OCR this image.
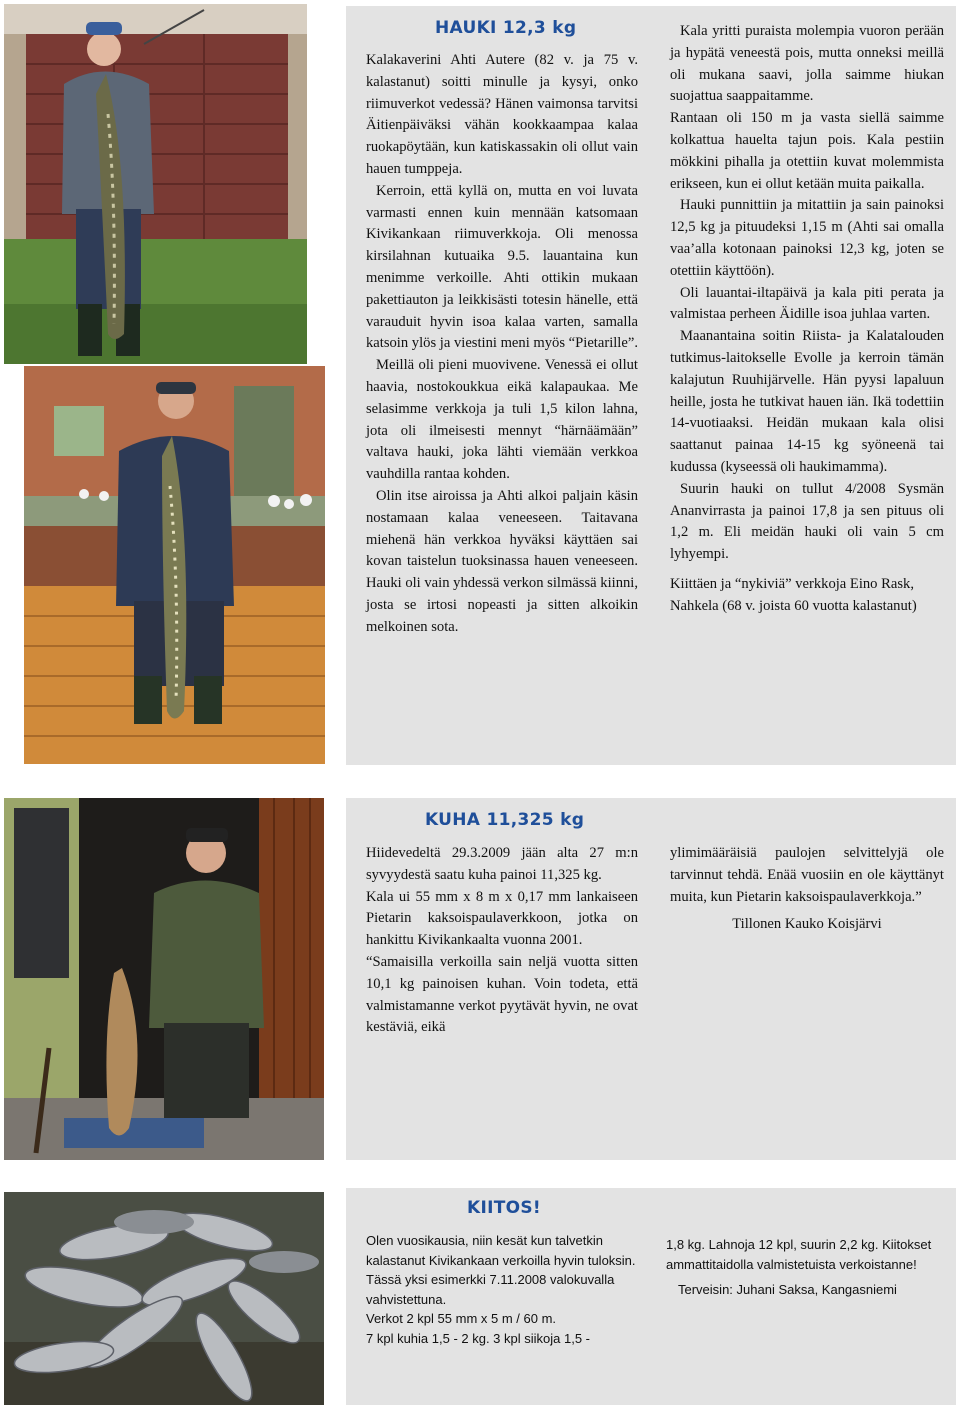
HAUKI 12,3 kg

Kalakaverini Ahti Autere (82 v. ja 75 v. kalastanut) soitti minulle ja kysyi, onko riimuverkot vedessä? Hänen vaimonsa tarvitsi Äitienpäiväksi vähän kookkaampaa kalaa ruokapöytään, kun katiskassakin oli ollut vain hauen tumppeja.

Kerroin, että kyllä on, mutta en voi luvata varmasti ennen kuin mennään katsomaan Kivikankaan riimuverkkoja. Oli menossa kirsilahnan kutuaika 9.5. lauantaina kun menimme verkoille. Ahti ottikin mukaan pakettiauton ja leikkisästi totesin hänelle, että varauduit hyvin isoa kalaa varten, samalla katsoin ylös ja viestini meni myös “Pietarille”.

Meillä oli pieni muovivene. Venessä ei ollut haavia, nostokoukkua eikä kalapaukaa. Me selasimme verkkoja ja tuli 1,5 kilon lahna, jota oli ilmeisesti mennyt “härnäämään” valtava hauki, joka lähti viemään verkkoa vauhdilla rantaa kohden.

Olin itse airoissa ja Ahti alkoi paljain käsin nostamaan kalaa veneeseen. Taitavana miehenä hän verkkoa hyväksi käyttäen sai kovan taistelun tuoksinassa hauen veneeseen. Hauki oli vain yhdessä verkon silmässä kiinni, josta se irtosi nopeasti ja sitten alkoikin melkoinen sota.

Kala yritti puraista molempia vuoron perään ja hypätä veneestä pois, mutta onneksi meillä oli mukana saavi, jolla saimme hiukan suojattua saappaitamme.

Rantaan oli 150 m ja vasta siellä saimme kolkattua hauelta tajun pois. Kala pestiin mökkini pihalla ja otettiin kuvat molemmista erikseen, kun ei ollut ketään muita paikalla.

Hauki punnittiin ja mitattiin ja sain painoksi 12,5 kg ja pituudeksi 1,15 m (Ahti sai omalla vaa’alla kotonaan painoksi 12,3 kg, joten se otettiin käyttöön).

Oli lauantai-iltapäivä ja kala piti perata ja valmistaa perheen Äidille isoa juhlaa varten.

Maanantaina soitin Riista- ja Kalatalouden tutkimus-laitokselle Evolle ja kerroin tämän kalajutun Ruuhijärvelle. Hän pyysi lapaluun heille, josta he tutkivat hauen iän. Ikä todettiin 14-vuotiaaksi. Heidän mukaan kala olisi saattanut painaa 14-15 kg syöneenä tai kudussa (kyseessä oli haukimamma).

Suurin hauki on tullut 4/2008 Sysmän Ananvirrasta ja painoi 17,8 ja sen pituus oli 1,2 m. Eli meidän hauki oli vain 5 cm lyhyempi.

Kiittäen ja “nykiviä” verkkoja Eino Rask, Nahkela (68 v. joista 60 vuotta kalastanut)

KUHA 11,325 kg

Hiidevedeltä 29.3.2009 jään alta 27 m:n syvyydestä saatu kuha painoi 11,325 kg.

Kala ui 55 mm x 8 m x 0,17 mm lankaiseen Pietarin kaksoispaulaverkkoon, jotka on hankittu Kivikankaalta vuonna 2001.

“Samaisilla verkoilla sain neljä vuotta sitten 10,1 kg painoisen kuhan. Voin todeta, että valmistamanne verkot pyytävät hyvin, ne ovat kestäviä, eikä

ylimimääräisiä paulojen selvittelyjä ole tarvinnut tehdä. Enää vuosiin en ole käyttänyt muita, kun Pietarin kaksoispaulaverkkoja.”

Tillonen Kauko Koisjärvi

KIITOS!

Olen vuosikausia, niin kesät kun talvetkin kalastanut Kivikankaan verkoilla hyvin tuloksin. Tässä yksi esimerkki 7.11.2008 valokuvalla vahvistettuna.

Verkot 2 kpl 55 mm x 5 m / 60 m.

7 kpl kuhia 1,5 - 2 kg. 3 kpl siikoja 1,5 -

1,8 kg. Lahnoja 12 kpl, suurin 2,2 kg. Kiitokset ammattitaidolla valmistetuista verkoistanne!

Terveisin: Juhani Saksa, Kangasniemi
